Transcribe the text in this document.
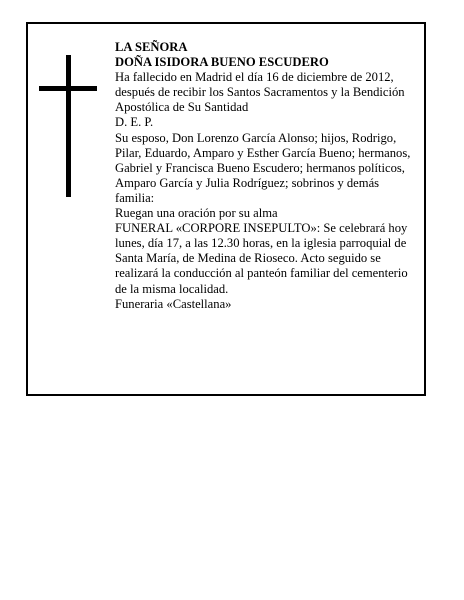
LA SEÑORA

DOÑA ISIDORA BUENO ESCUDERO

Ha fallecido en Madrid el día 16 de diciembre de 2012, después de recibir los Santos Sacramentos y la Bendición Apostólica de Su Santidad

D. E. P.

Su esposo, Don Lorenzo García Alonso; hijos, Rodrigo, Pilar, Eduardo, Amparo y Esther García Bueno; hermanos, Gabriel y Francisca Bueno Escudero; hermanos políticos, Amparo García y Julia Rodríguez; sobrinos y demás familia:

Ruegan una oración por su alma

FUNERAL «CORPORE INSEPULTO»: Se celebrará hoy lunes, día 17, a las 12.30 horas, en la iglesia parroquial de Santa María, de Medina de Rioseco. Acto seguido se realizará la conducción al panteón familiar del cementerio de la misma localidad.

Funeraria «Castellana»
